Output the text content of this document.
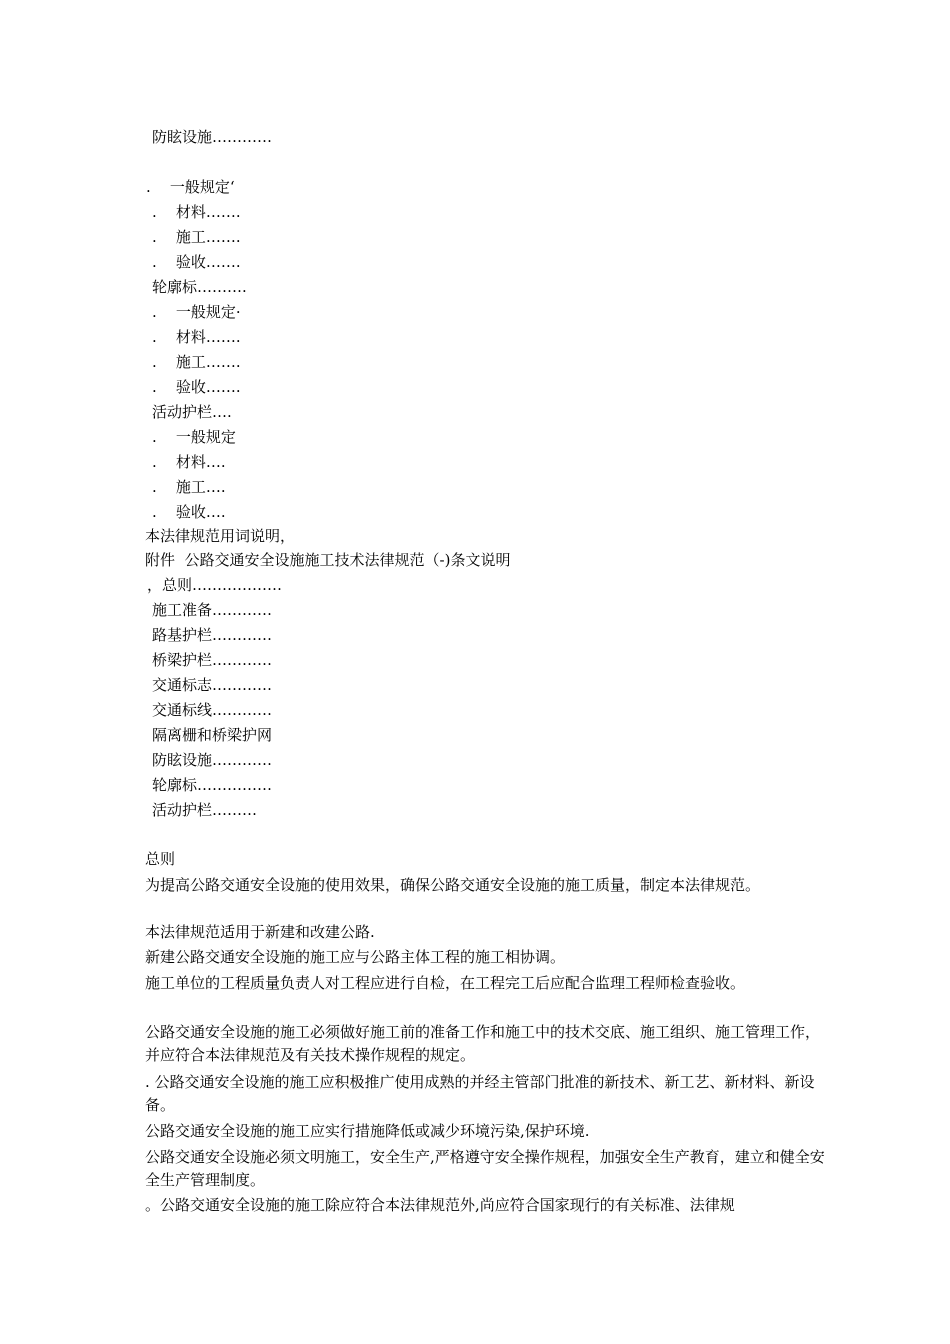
防眩设施…………
.    一般规定‘
.    材料…….
.    施工…….
.    验收…….
轮廓标……….
.    一般规定·
.    材料…….
.    施工…….
.    验收…….
活动护栏….
.    一般规定
.    材料….
.    施工….
.    验收….
本法律规范用词说明，
附件  公路交通安全设施施工技术法律规范（-)条文说明
，总则………………
施工准备…………
路基护栏…………
桥梁护栏…………
交通标志…………
交通标线…………
隔离栅和桥梁护网
防眩设施…………
轮廓标……………
活动护栏………
总则
为提高公路交通安全设施的使用效果，确保公路交通安全设施的施工质量，制定本法律规范。
本法律规范适用于新建和改建公路.
新建公路交通安全设施的施工应与公路主体工程的施工相协调。
施工单位的工程质量负责人对工程应进行自检，在工程完工后应配合监理工程师检查验收。
公路交通安全设施的施工必须做好施工前的准备工作和施工中的技术交底、施工组织、施工管理工作，并应符合本法律规范及有关技术操作规程的规定。
. 公路交通安全设施的施工应积极推广使用成熟的并经主管部门批准的新技术、新工艺、新材料、新设备。
公路交通安全设施的施工应实行措施降低或减少环境污染,保护环境.
公路交通安全设施必须文明施工，安全生产,严格遵守安全操作规程，加强安全生产教育，建立和健全安全生产管理制度。
。公路交通安全设施的施工除应符合本法律规范外,尚应符合国家现行的有关标准、法律规
